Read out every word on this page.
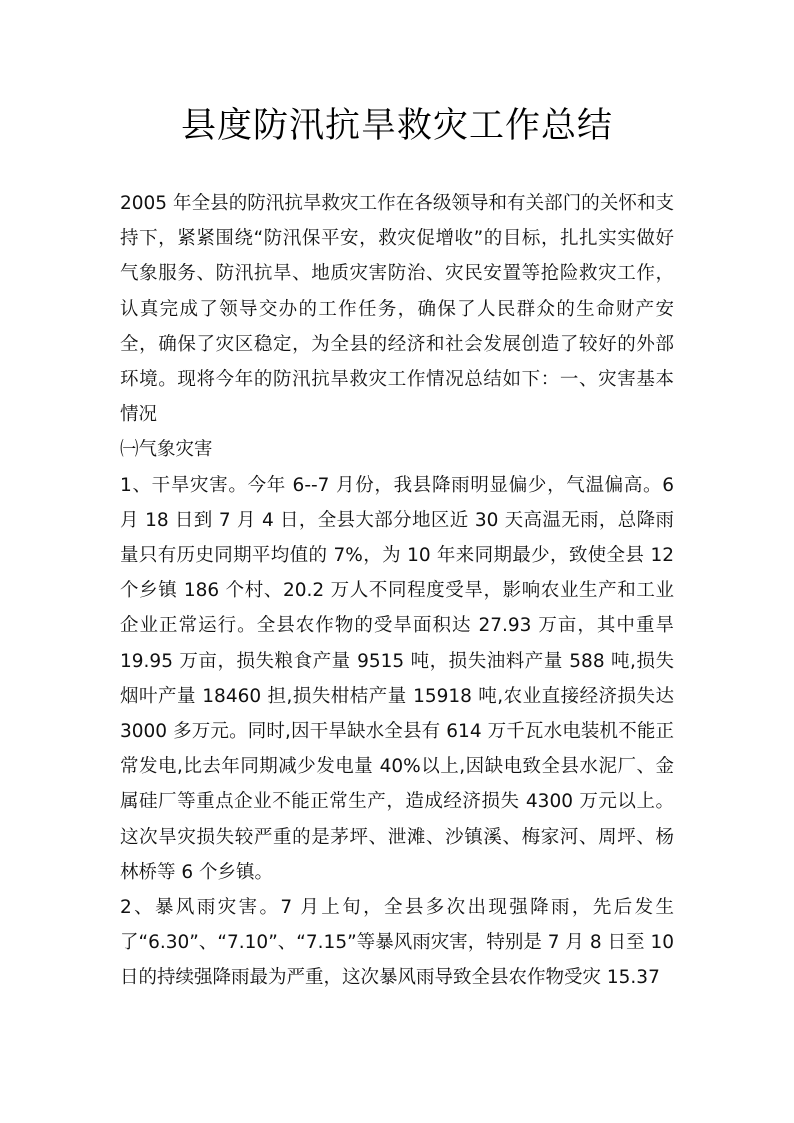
县度防汛抗旱救灾工作总结

2005 年全县的防汛抗旱救灾工作在各级领导和有关部门的关怀和支持下，紧紧围绕“防汛保平安，救灾促增收”的目标，扎扎实实做好气象服务、防汛抗旱、地质灾害防治、灾民安置等抢险救灾工作，认真完成了领导交办的工作任务，确保了人民群众的生命财产安全，确保了灾区稳定，为全县的经济和社会发展创造了较好的外部环境。现将今年的防汛抗旱救灾工作情况总结如下：一、灾害基本情况

㈠气象灾害

1、干旱灾害。今年 6--7 月份，我县降雨明显偏少，气温偏高。6 月 18 日到 7 月 4 日，全县大部分地区近 30 天高温无雨，总降雨量只有历史同期平均值的 7%，为 10 年来同期最少，致使全县 12 个乡镇 186 个村、20.2 万人不同程度受旱，影响农业生产和工业企业正常运行。全县农作物的受旱面积达 27.93 万亩，其中重旱 19.95 万亩，损失粮食产量 9515 吨，损失油料产量 588 吨,损失烟叶产量 18460 担,损失柑桔产量 15918 吨,农业直接经济损失达 3000 多万元。同时,因干旱缺水全县有 614 万千瓦水电装机不能正常发电,比去年同期减少发电量 40%以上,因缺电致全县水泥厂、金属硅厂等重点企业不能正常生产，造成经济损失 4300 万元以上。这次旱灾损失较严重的是茅坪、泄滩、沙镇溪、梅家河、周坪、杨林桥等 6 个乡镇。

2、暴风雨灾害。7 月上旬，全县多次出现强降雨，先后发生了“6.30”、“7.10”、“7.15”等暴风雨灾害，特别是 7 月 8 日至 10 日的持续强降雨最为严重，这次暴风雨导致全县农作物受灾 15.37
